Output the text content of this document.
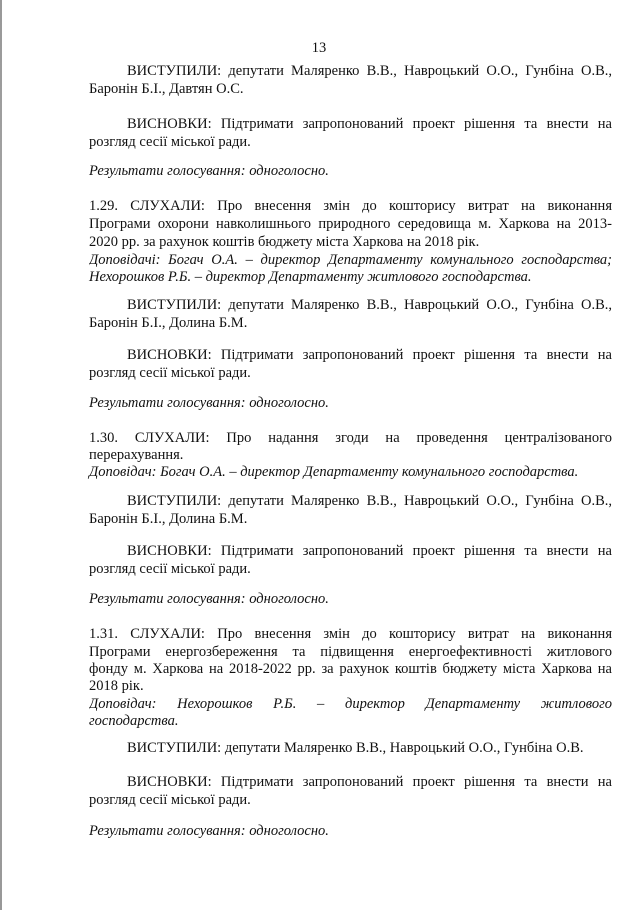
13
ВИСТУПИЛИ: депутати Маляренко В.В., Навроцький О.О., Гунбіна О.В.,
Баронін Б.І., Давтян О.С.
ВИСНОВКИ: Підтримати запропонований проект рішення та внести на
розгляд сесії міської ради.
Результати голосування: одноголосно.
1.29. СЛУХАЛИ: Про внесення змін до кошторису витрат на виконання
Програми охорони навколишнього природного середовища м. Харкова на 2013-
2020 рр. за рахунок коштів бюджету міста Харкова на 2018 рік.
Доповідачі: Богач О.А. – директор Департаменту комунального господарства;
Нехорошков Р.Б. – директор Департаменту житлового господарства.
ВИСТУПИЛИ: депутати Маляренко В.В., Навроцький О.О., Гунбіна О.В.,
Баронін Б.І., Долина Б.М.
ВИСНОВКИ: Підтримати запропонований проект рішення та внести на
розгляд сесії міської ради.
Результати голосування: одноголосно.
1.30. СЛУХАЛИ: Про надання згоди на проведення централізованого
перерахування.
Доповідач: Богач О.А. – директор Департаменту комунального господарства.
ВИСТУПИЛИ: депутати Маляренко В.В., Навроцький О.О., Гунбіна О.В.,
Баронін Б.І., Долина Б.М.
ВИСНОВКИ: Підтримати запропонований проект рішення та внести на
розгляд сесії міської ради.
Результати голосування: одноголосно.
1.31. СЛУХАЛИ: Про внесення змін до кошторису витрат на виконання
Програми енергозбереження та підвищення енергоефективності житлового
фонду м. Харкова на 2018-2022 рр. за рахунок коштів бюджету міста Харкова на
2018 рік.
Доповідач: Нехорошков Р.Б. – директор Департаменту житлового
господарства.
ВИСТУПИЛИ: депутати Маляренко В.В., Навроцький О.О., Гунбіна О.В.
ВИСНОВКИ: Підтримати запропонований проект рішення та внести на
розгляд сесії міської ради.
Результати голосування: одноголосно.
